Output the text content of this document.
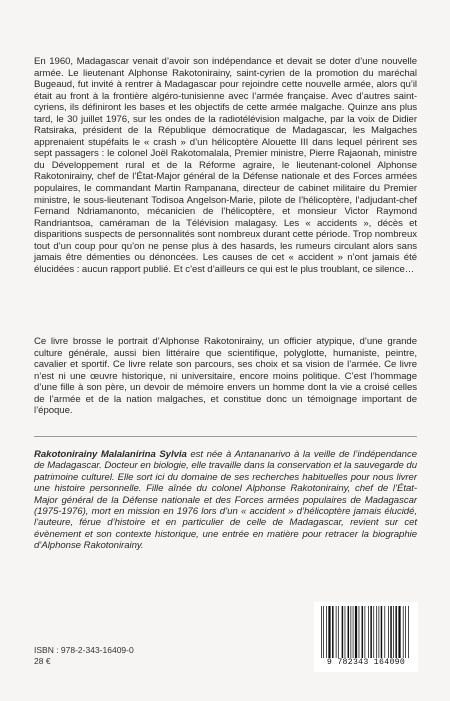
En 1960, Madagascar venait d’avoir son indépendance et devait se doter d’une nouvelle armée. Le lieutenant Alphonse Rakotonirainy, saint-cyrien de la promotion du maréchal Bugeaud, fut invité à rentrer à Madagascar pour rejoindre cette nouvelle armée, alors qu’il était au front à la frontière algéro-tunisienne avec l’armée française. Avec d’autres saint-cyriens, ils définiront les bases et les objectifs de cette armée malgache. Quinze ans plus tard, le 30 juillet 1976, sur les ondes de la radiotélévision malgache, par la voix de Didier Ratsiraka, président de la République démocratique de Madagascar, les Malgaches apprenaient stupéfaits le « crash » d’un hélicoptère Alouette III dans lequel périrent ses sept passagers : le colonel Joël Rakotomalala, Premier ministre, Pierre Rajaonah, ministre du Développement rural et de la Réforme agraire, le lieutenant-colonel Alphonse Rakotonirainy, chef de l’État-Major général de la Défense nationale et des Forces armées populaires, le commandant Martin Rampanana, directeur de cabinet militaire du Premier ministre, le sous-lieutenant Todisoa Angelson-Marie, pilote de l’hélicoptère, l’adjudant-chef Fernand Ndriamanonto, mécanicien de l’hélicoptère, et monsieur Victor Raymond Randriantsoa, caméraman de la Télévision malagasy. Les « accidents », décès et disparitions suspects de personnalités sont nombreux durant cette période. Trop nombreux tout d’un coup pour qu’on ne pense plus à des hasards, les rumeurs circulant alors sans jamais être démenties ou dénoncées. Les causes de cet « accident » n’ont jamais été élucidées : aucun rapport publié. Et c’est d’ailleurs ce qui est le plus troublant, ce silence…

Ce livre brosse le portrait d’Alphonse Rakotonirainy, un officier atypique, d’une grande culture générale, aussi bien littéraire que scientifique, polyglotte, humaniste, peintre, cavalier et sportif. Ce livre relate son parcours, ses choix et sa vision de l’armée. Ce livre n’est ni une œuvre historique, ni universitaire, encore moins politique. C’est l’hommage d’une fille à son père, un devoir de mémoire envers un homme dont la vie a croisé celles de l’armée et de la nation malgaches, et constitue donc un témoignage important de l’époque.

Rakotonirainy Malalanirina Sylvia est née à Antananarivo à la veille de l’indépendance de Madagascar. Docteur en biologie, elle travaille dans la conservation et la sauvegarde du patrimoine culturel. Elle sort ici du domaine de ses recherches habituelles pour nous livrer une histoire personnelle. Fille aînée du colonel Alphonse Rakotonirainy, chef de l’État-Major général de la Défense nationale et des Forces armées populaires de Madagascar (1975-1976), mort en mission en 1976 lors d’un « accident » d’hélicoptère jamais élucidé, l’auteure, férue d’histoire et en particulier de celle de Madagascar, revient sur cet évènement et son contexte historique, une entrée en matière pour retracer la biographie d’Alphonse Rakotonirainy.

ISBN : 978-2-343-16409-0
28 €	9 782343 164090
